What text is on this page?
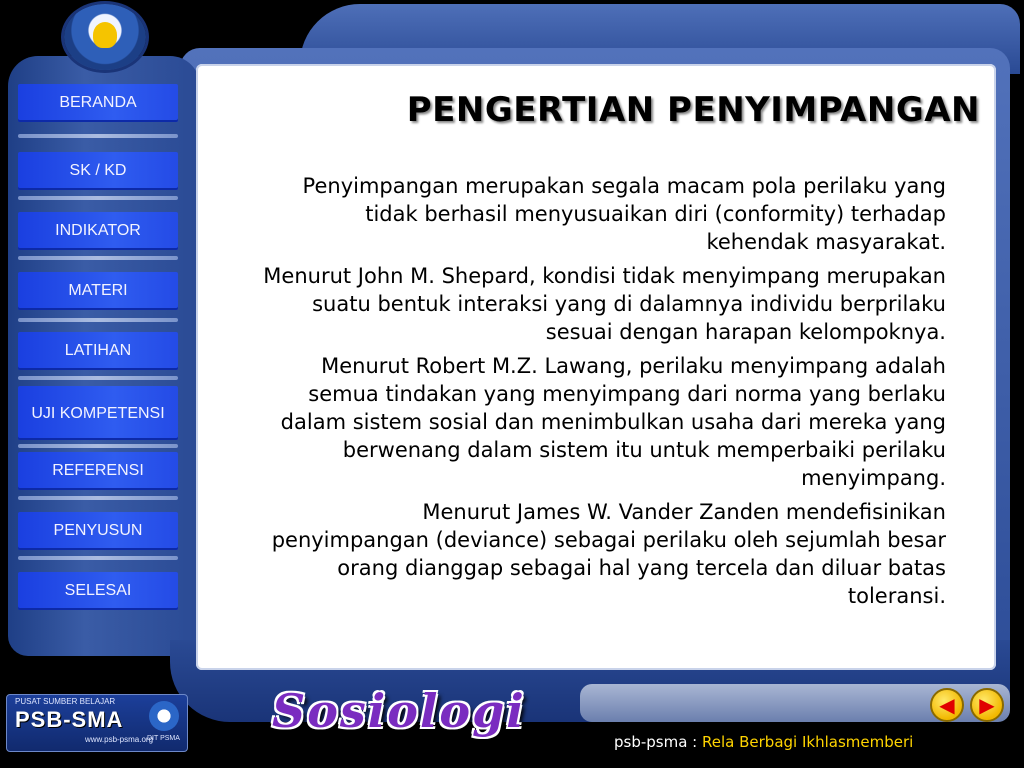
BERANDA
SK / KD
INDIKATOR
MATERI
LATIHAN
UJI KOMPETENSI
REFERENSI
PENYUSUN
SELESAI
PENGERTIAN PENYIMPANGAN

Penyimpangan merupakan segala macam pola perilaku yang tidak berhasil menyusuaikan diri (conformity) terhadap kehendak masyarakat.

Menurut John M. Shepard, kondisi tidak menyimpang merupakan suatu bentuk interaksi yang di dalamnya individu berprilaku sesuai dengan harapan kelompoknya.

Menurut Robert M.Z. Lawang, perilaku menyimpang adalah semua tindakan yang menyimpang dari norma yang berlaku dalam sistem sosial dan menimbulkan usaha dari mereka yang berwenang dalam sistem itu untuk memperbaiki perilaku menyimpang.

Menurut James W. Vander Zanden mendefisinikan penyimpangan (deviance) sebagai perilaku oleh sejumlah besar orang dianggap sebagai hal yang tercela dan diluar batas toleransi.

PUSAT SUMBER BELAJAR
PSB-SMA
www.psb-psma.org
DIT PSMA
Sosiologi	◀ ▶
psb-psma : Rela Berbagi Ikhlasmemberi
